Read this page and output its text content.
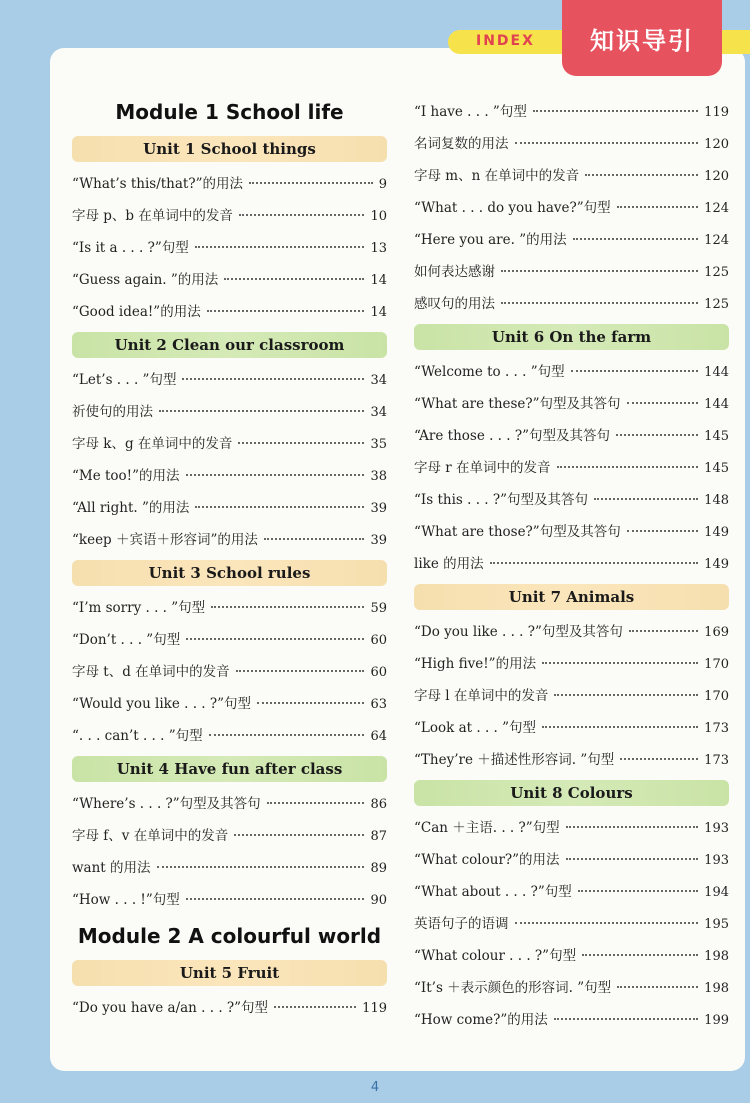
INDEX	知识导引
Module 1 School life
Unit 1 School things
“What’s this/that?”的用法	9
字母 p、b 在单词中的发音	10
“Is it a . . . ?”句型	13
“Guess again. ”的用法	14
“Good idea!”的用法	14
Unit 2 Clean our classroom
“Let’s . . . ”句型	34
祈使句的用法	34
字母 k、g 在单词中的发音	35
“Me too!”的用法	38
“All right. ”的用法	39
“keep ＋宾语＋形容词”的用法	39
Unit 3 School rules
“I’m sorry . . . ”句型	59
“Don’t . . . ”句型	60
字母 t、d 在单词中的发音	60
“Would you like . . . ?”句型	63
“. . . can’t . . . ”句型	64
Unit 4 Have fun after class
“Where’s . . . ?”句型及其答句	86
字母 f、v 在单词中的发音	87
want 的用法	89
“How . . . !”句型	90
Module 2 A colourful world
Unit 5 Fruit
“Do you have a/an . . . ?”句型	119
“I have . . . ”句型	119
名词复数的用法	120
字母 m、n 在单词中的发音	120
“What . . . do you have?”句型	124
“Here you are. ”的用法	124
如何表达感谢	125
感叹句的用法	125
Unit 6 On the farm
“Welcome to . . . ”句型	144
“What are these?”句型及其答句	144
“Are those . . . ?”句型及其答句	145
字母 r 在单词中的发音	145
“Is this . . . ?”句型及其答句	148
“What are those?”句型及其答句	149
like 的用法	149
Unit 7 Animals
“Do you like . . . ?”句型及其答句	169
“High five!”的用法	170
字母 l 在单词中的发音	170
“Look at . . . ”句型	173
“They’re ＋描述性形容词. ”句型	173
Unit 8 Colours
“Can ＋主语. . . ?”句型	193
“What colour?”的用法	193
“What about . . . ?”句型	194
英语句子的语调	195
“What colour . . . ?”句型	198
“It’s ＋表示颜色的形容词. ”句型	198
“How come?”的用法	199
4
